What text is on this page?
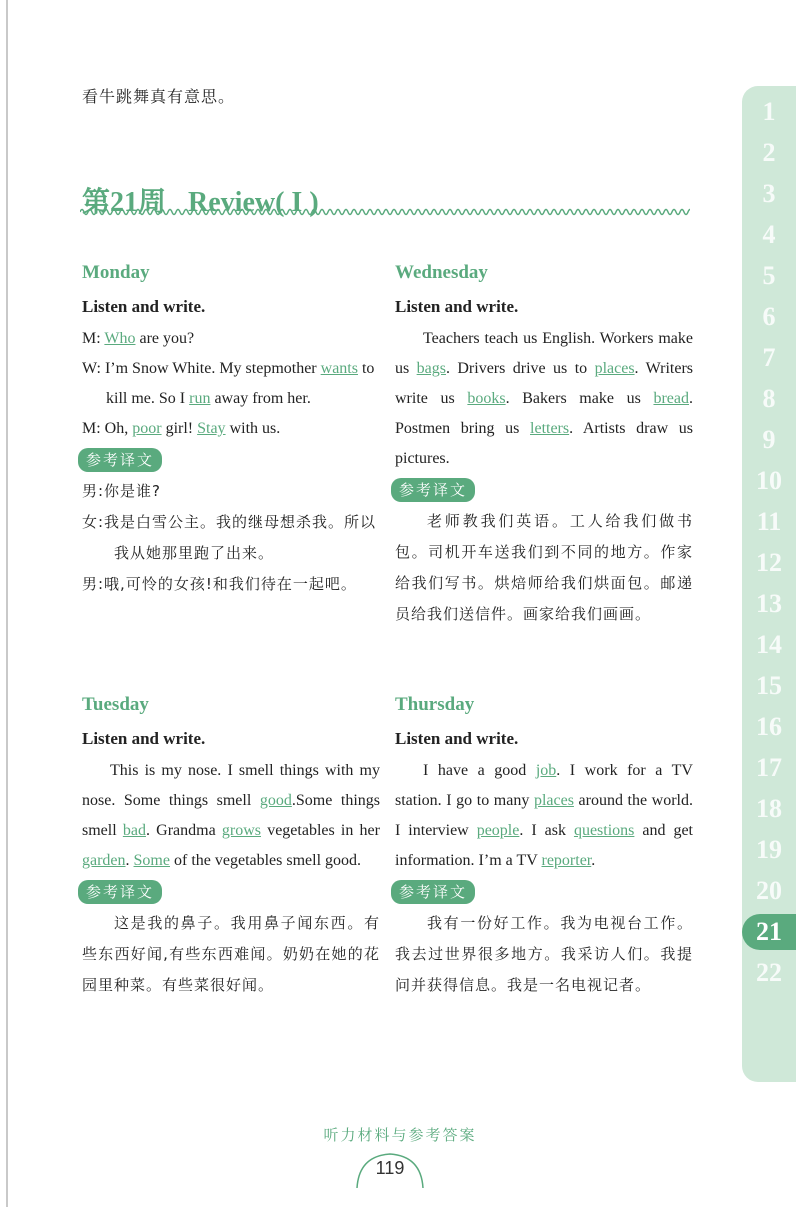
看牛跳舞真有意思。
第21周 Review( I )
Monday
Listen and write.

M: Who are you?

W: I’m Snow White. My stepmother wants to kill me. So I run away from her.

M: Oh, poor girl! Stay with us.

参考译文
男:你是谁?
女:我是白雪公主。我的继母想杀我。所以我从她那里跑了出来。
男:哦,可怜的女孩!和我们待在一起吧。
Wednesday
Listen and write.

Teachers teach us English. Workers make us bags. Drivers drive us to places. Writers write us books. Bakers make us bread. Postmen bring us letters. Artists draw us pictures.

参考译文
老师教我们英语。工人给我们做书包。司机开车送我们到不同的地方。作家给我们写书。烘焙师给我们烘面包。邮递员给我们送信件。画家给我们画画。
Tuesday
Listen and write.

This is my nose. I smell things with my nose. Some things smell good.Some things smell bad. Grandma grows vegetables in her garden. Some of the vegetables smell good.

参考译文
这是我的鼻子。我用鼻子闻东西。有些东西好闻,有些东西难闻。奶奶在她的花园里种菜。有些菜很好闻。
Thursday
Listen and write.

I have a good job. I work for a TV station. I go to many places around the world. I interview people. I ask questions and get information. I’m a TV reporter.

参考译文
我有一份好工作。我为电视台工作。我去过世界很多地方。我采访人们。我提问并获得信息。我是一名电视记者。
1
2
3
4
5
6
7
8
9
10
11
12
13
14
15
16
17
18
19
20
21
22
听力材料与参考答案
119
